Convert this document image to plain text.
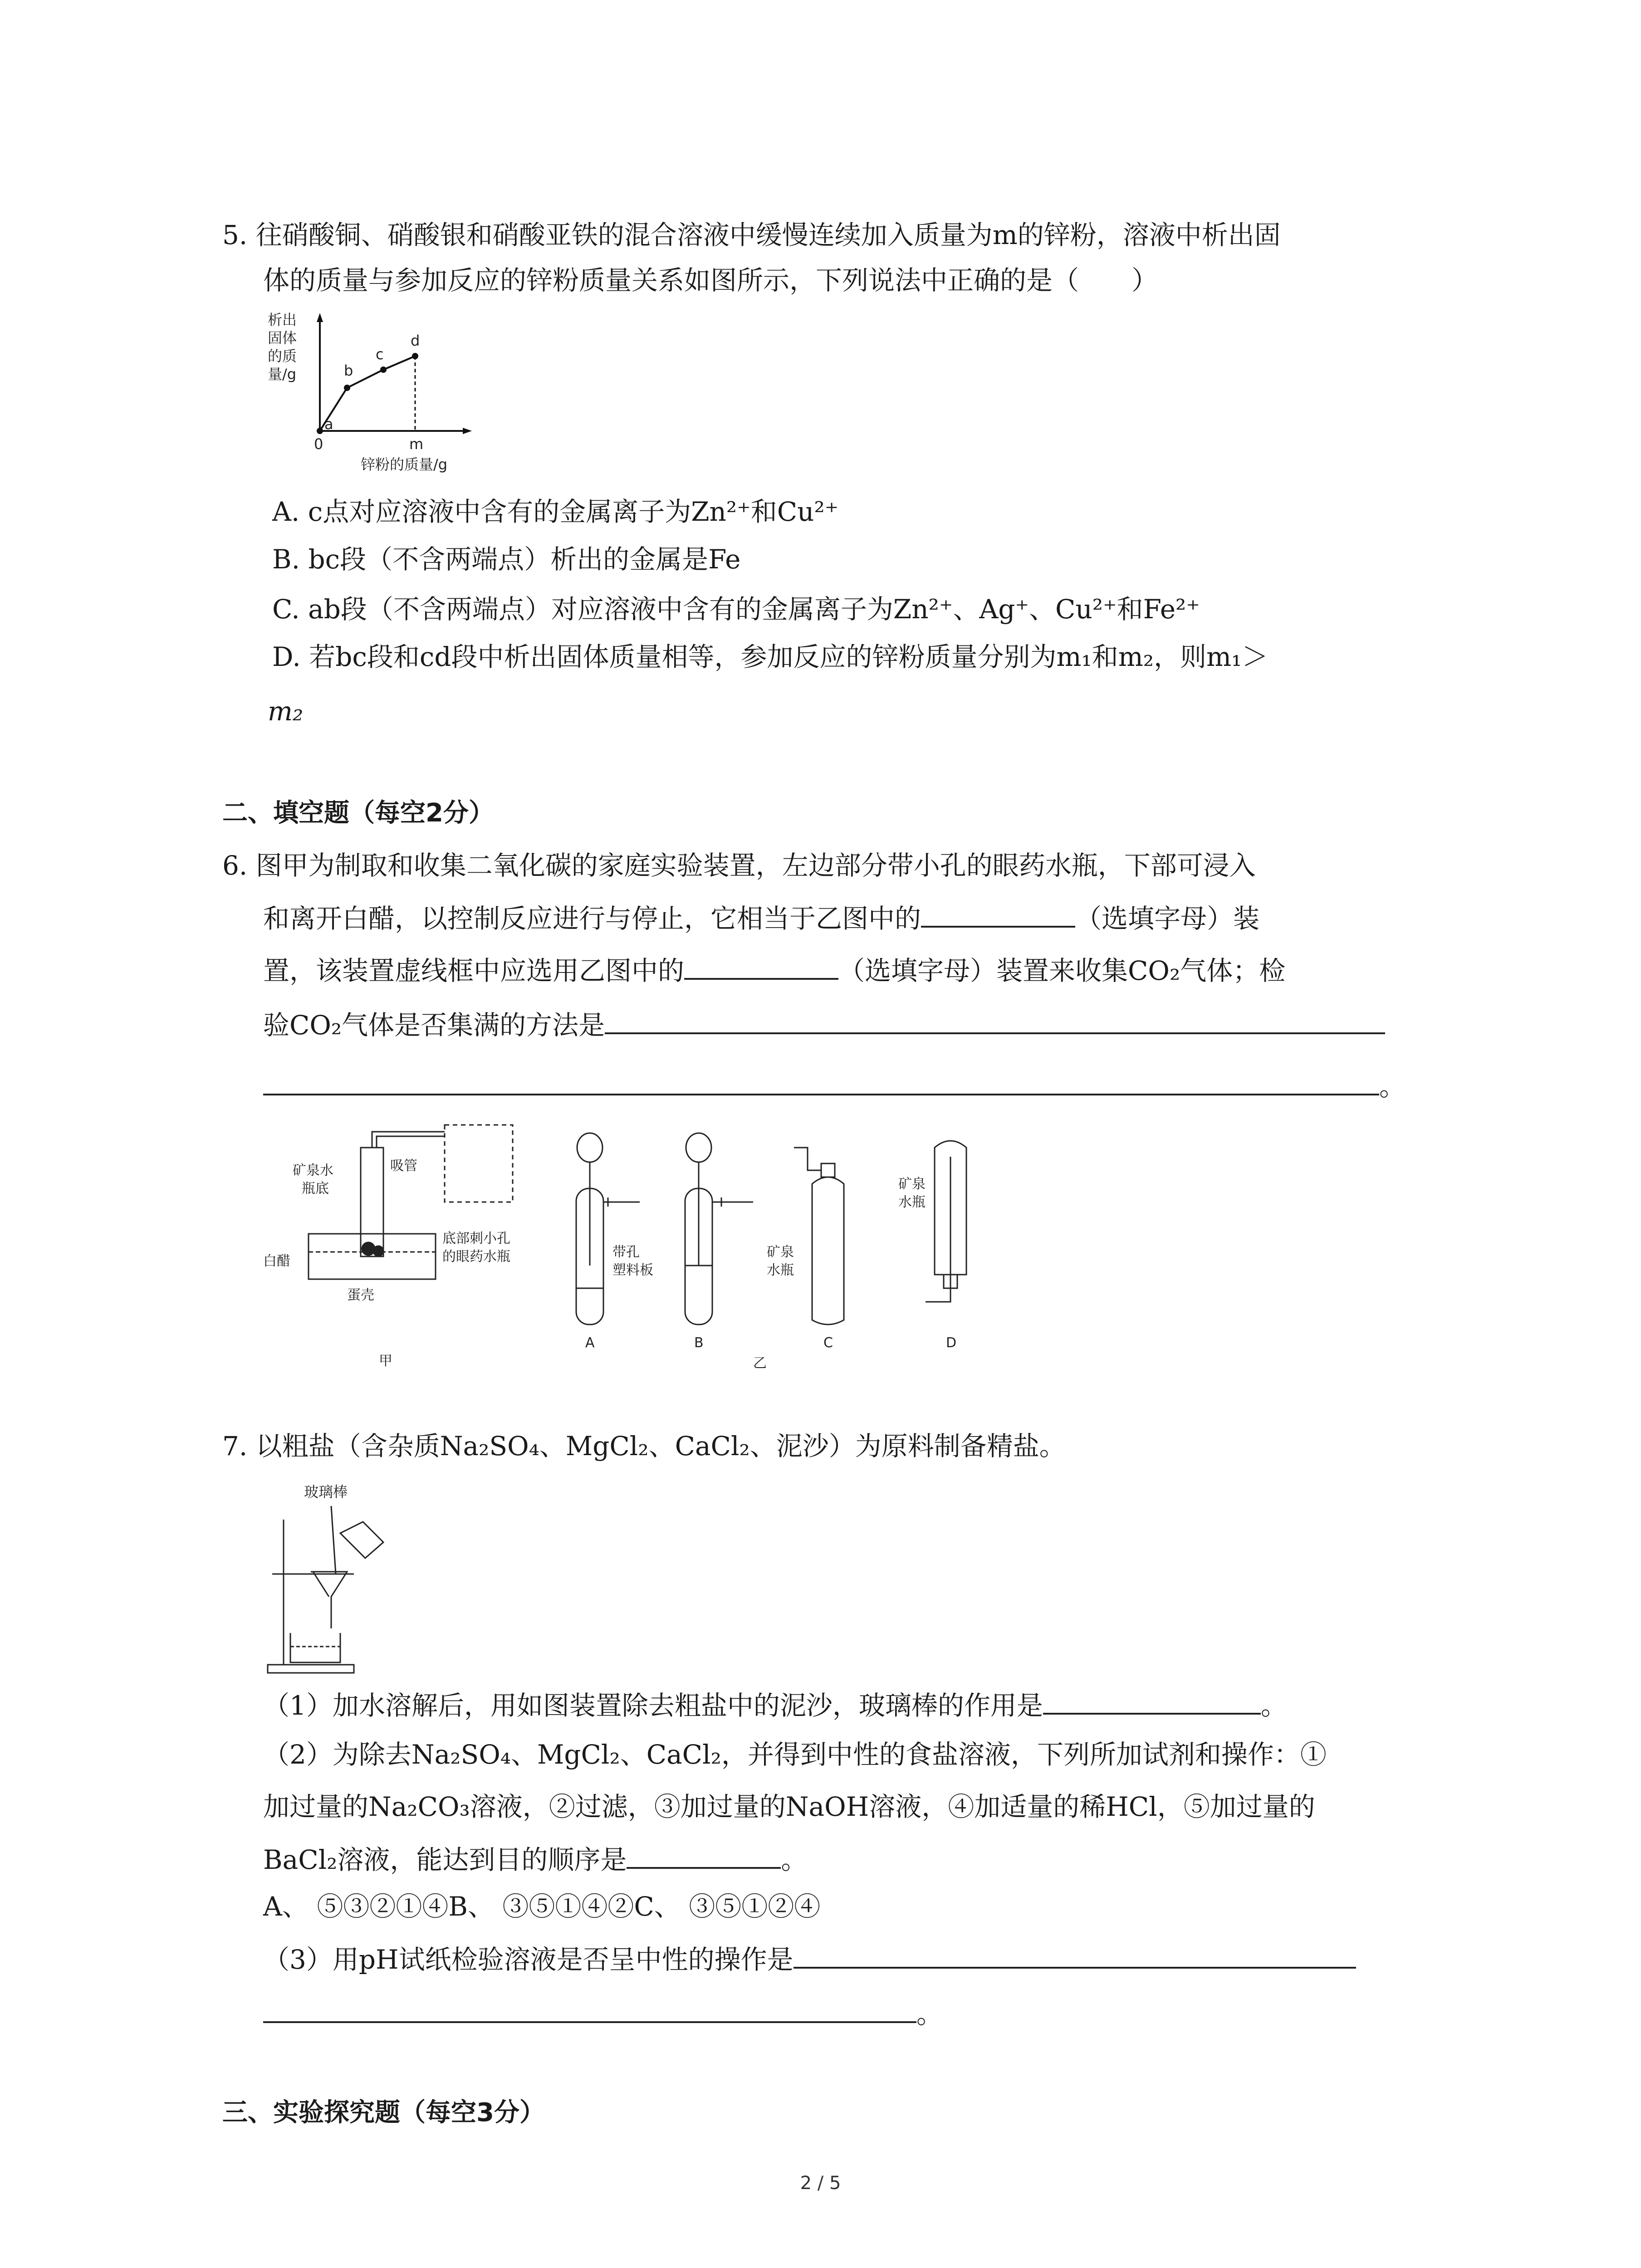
5. 往硝酸铜、硝酸银和硝酸亚铁的混合溶液中缓慢连续加入质量为m的锌粉，溶液中析出固
体的质量与参加反应的锌粉质量关系如图所示，下列说法中正确的是（　　）
析出
固体
的质
量/g
a
b
c
d
0	m
锌粉的质量/g
A. c点对应溶液中含有的金属离子为Zn²⁺和Cu²⁺
B. bc段（不含两端点）析出的金属是Fe
C. ab段（不含两端点）对应溶液中含有的金属离子为Zn²⁺、Ag⁺、Cu²⁺和Fe²⁺
D. 若bc段和cd段中析出固体质量相等，参加反应的锌粉质量分别为m₁和m₂，则m₁＞
m₂
二、填空题（每空2分）
6. 图甲为制取和收集二氧化碳的家庭实验装置，左边部分带小孔的眼药水瓶，下部可浸入
和离开白醋，以控制反应进行与停止，它相当于乙图中的	（选填字母）装
置，该装置虚线框中应选用乙图中的	（选填字母）装置来收集CO₂气体；检
验CO₂气体是否集满的方法是
。
矿泉水
瓶底
吸管
白醋
底部刺小孔
的眼药水瓶
蛋壳
甲
A
带孔
塑料板
B
矿泉
水瓶
C
矿泉
水瓶
D
乙
7. 以粗盐（含杂质Na₂SO₄、MgCl₂、CaCl₂、泥沙）为原料制备精盐。
玻璃棒
（1）加水溶解后，用如图装置除去粗盐中的泥沙，玻璃棒的作用是	。
（2）为除去Na₂SO₄、MgCl₂、CaCl₂，并得到中性的食盐溶液，下列所加试剂和操作：①
加过量的Na₂CO₃溶液，②过滤，③加过量的NaOH溶液，④加适量的稀HCl，⑤加过量的
BaCl₂溶液，能达到目的顺序是	。
A、 ⑤③②①④B、 ③⑤①④②C、 ③⑤①②④
（3）用pH试纸检验溶液是否呈中性的操作是
。
三、实验探究题（每空3分）
2 / 5
